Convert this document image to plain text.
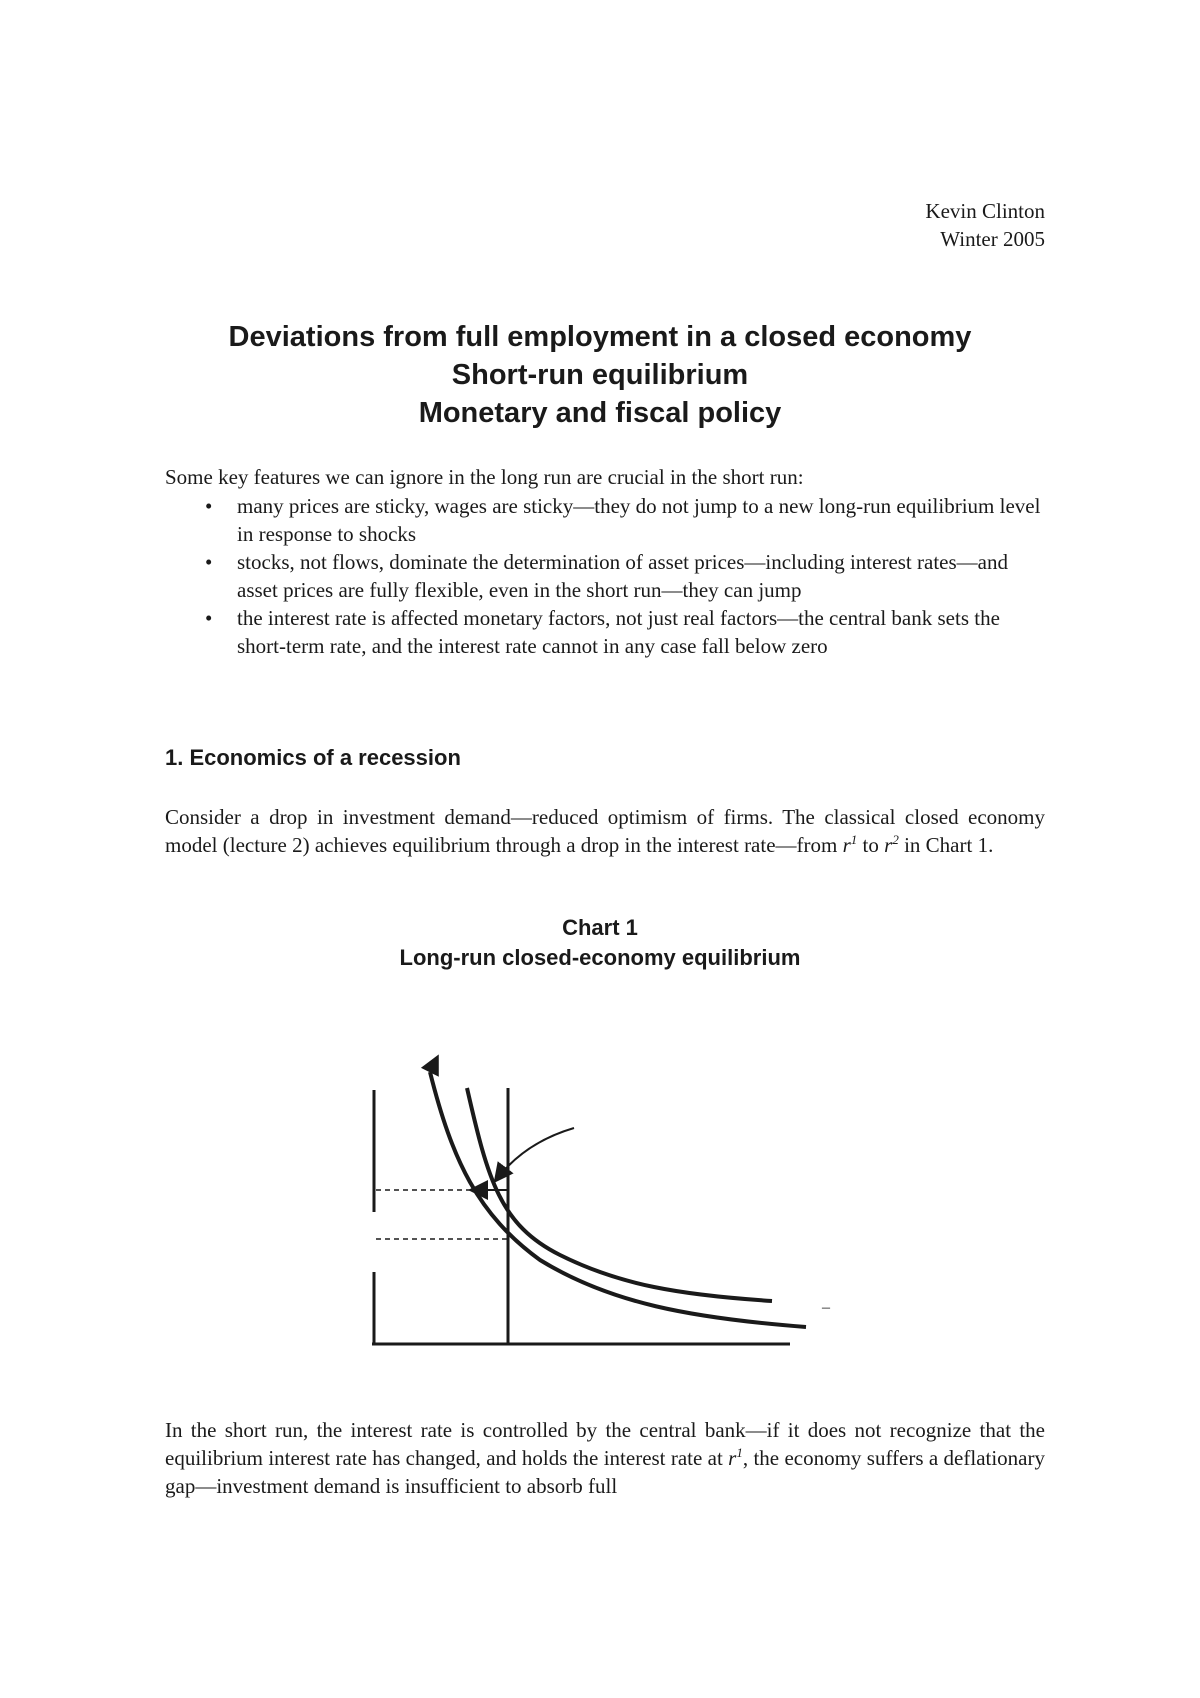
Kevin Clinton
Winter 2005
Deviations from full employment in a closed economy
Short-run equilibrium
Monetary and fiscal policy
Some key features we can ignore in the long run are crucial in the short run:
• many prices are sticky, wages are sticky—they do not jump to a new long-run equilibrium level in response to shocks
• stocks, not flows, dominate the determination of asset prices—including interest rates—and asset prices are fully flexible, even in the short run—they can jump
• the interest rate is affected monetary factors, not just real factors—the central bank sets the short-term rate, and the interest rate cannot in any case fall below zero
1. Economics of a recession
Consider a drop in investment demand—reduced optimism of firms. The classical closed economy model (lecture 2) achieves equilibrium through a drop in the interest rate—from $r^1$ to $r^2$ in Chart 1.
Chart 1
Long-run closed-economy equilibrium
–
In the short run, the interest rate is controlled by the central bank—if it does not recognize that the equilibrium interest rate has changed, and holds the interest rate at $r^1$, the economy suffers a deflationary gap—investment demand is insufficient to absorb full
